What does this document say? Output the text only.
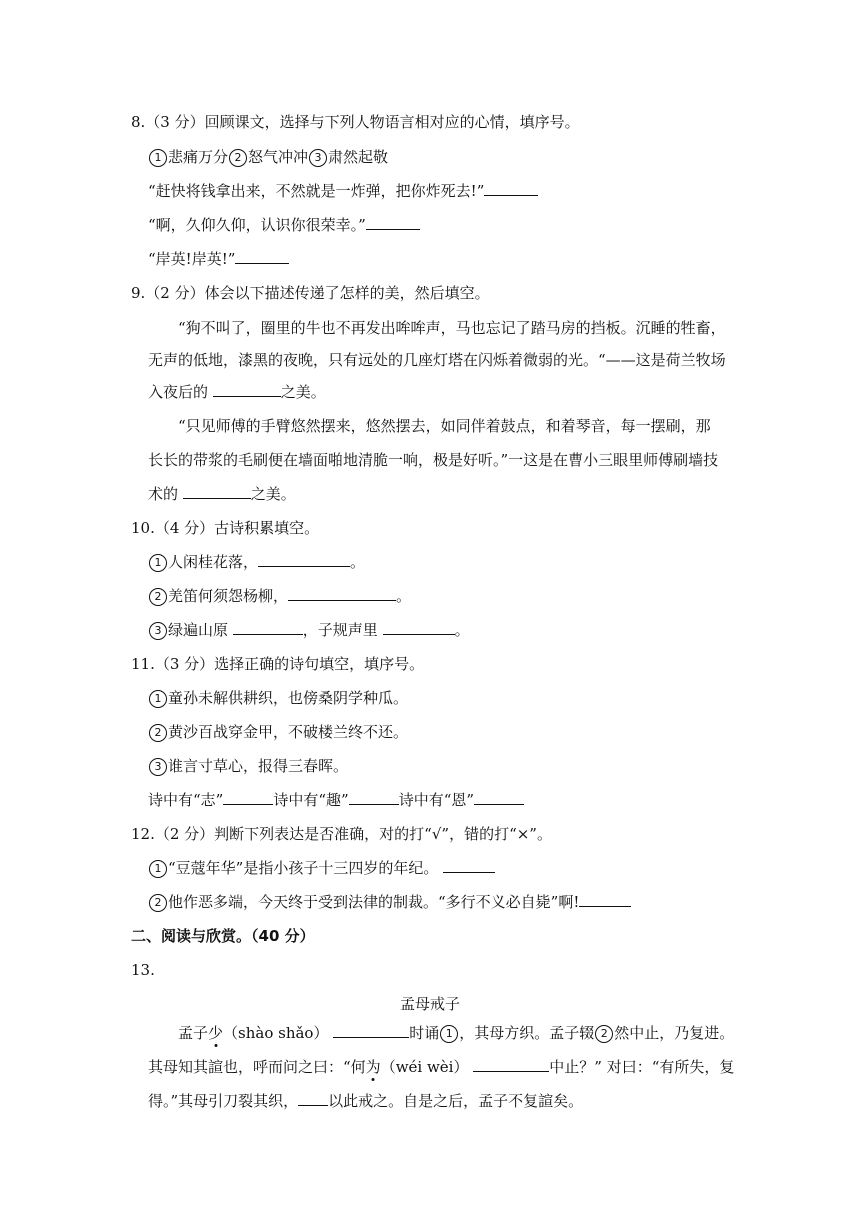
8.（3 分）回顾课文，选择与下列人物语言相对应的心情，填序号。
1 悲痛万分 2 怒气冲冲 3 肃然起敬
“赶快将钱拿出来，不然就是一炸弹，把你炸死去!”
“啊，久仰久仰，认识你很荣幸。”
“岸英!岸英!”
9.（2 分）体会以下描述传递了怎样的美，然后填空。
“狗不叫了，圈里的牛也不再发出哞哞声，马也忘记了踏马房的挡板。沉睡的牲畜，
无声的低地，漆黑的夜晚，只有远处的几座灯塔在闪烁着微弱的光。“——这是荷兰牧场
入夜后的	之美。
“只见师傅的手臂悠然摆来，悠然摆去，如同伴着鼓点，和着琴音，每一摆刷，那
长长的带浆的毛刷便在墙面啪地清脆一响，极是好听。”一这是在曹小三眼里师傅刷墙技
术的	之美。
10.（4 分）古诗积累填空。
1 人闲桂花落，	。
2 羌笛何须怨杨柳，	。
3 绿遍山原	，子规声里	。
11.（3 分）选择正确的诗句填空，填序号。
1 童孙未解供耕织，也傍桑阴学种瓜。
2 黄沙百战穿金甲，不破楼兰终不还。
3 谁言寸草心，报得三春晖。
诗中有“志”	诗中有“趣”	诗中有“恩”
12.（2 分）判断下列表达是否准确，对的打“√”，错的打“×”。
1 “豆蔻年华”是指小孩子十三四岁的年纪。
2 他作恶多端，今天终于受到法律的制裁。“多行不义必自毙”啊!
二、阅读与欣赏。（40 分）
13.
孟母戒子
孟子少（shào shǎo）	时诵 1 ，其母方织。孟子辍 2 然中止，乃复进。
其母知其諠也，呼而问之曰：“何为（wéi wèi）	中止？” 对曰：“有所失，复
得。”其母引刀裂其织， 以此戒之。自是之后，孟子不复諠矣。
